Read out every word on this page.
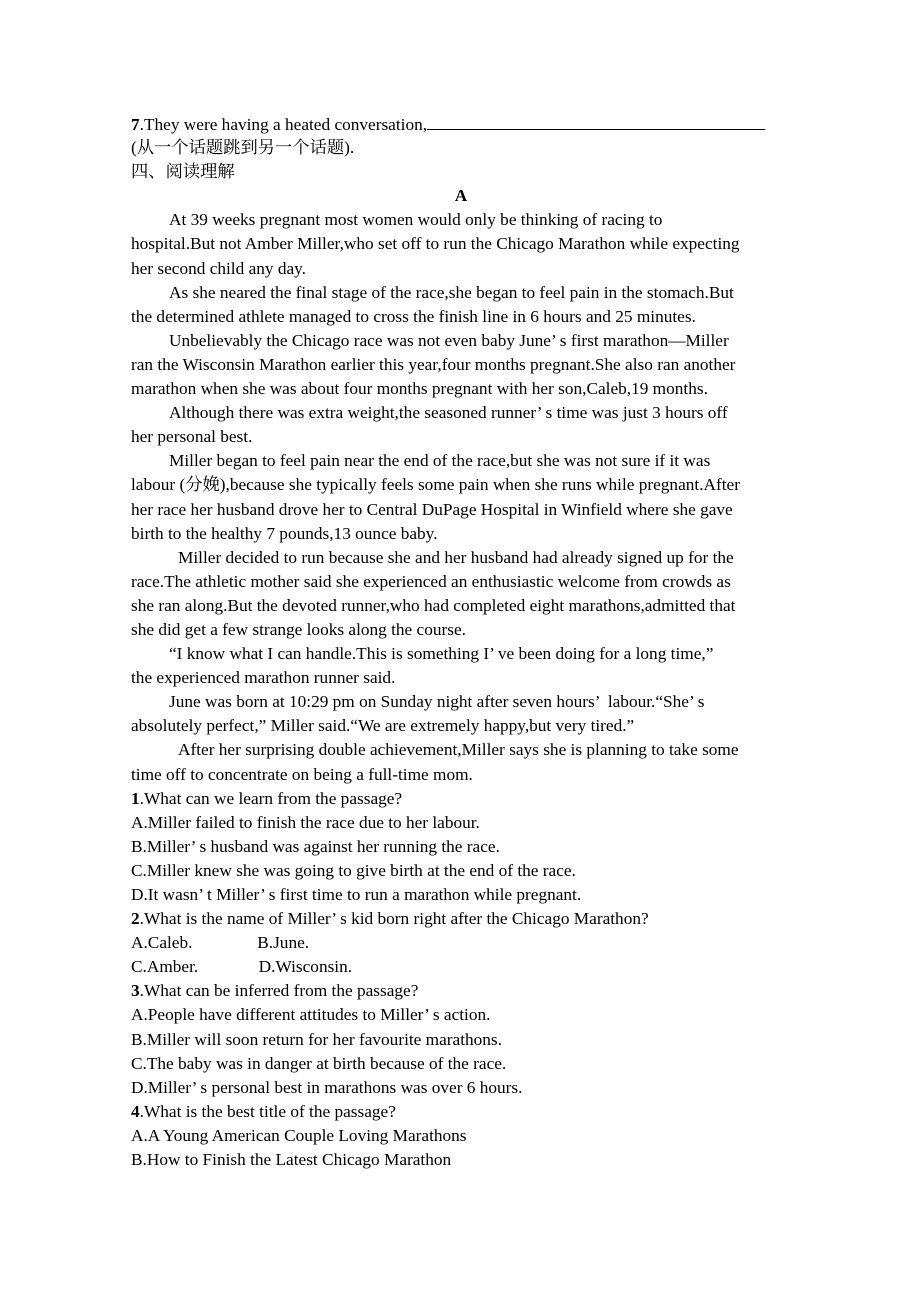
7.They were having a heated conversation,
(从一个话题跳到另一个话题).
四、阅读理解
A
At 39 weeks pregnant most women would only be thinking of racing to
hospital.But not Amber Miller,who set off to run the Chicago Marathon while expecting
her second child any day.
As she neared the final stage of the race,she began to feel pain in the stomach.But
the determined athlete managed to cross the finish line in 6 hours and 25 minutes.
Unbelievably the Chicago race was not even baby June’ s first marathon—Miller
ran the Wisconsin Marathon earlier this year,four months pregnant.She also ran another
marathon when she was about four months pregnant with her son,Caleb,19 months.
Although there was extra weight,the seasoned runner’ s time was just 3 hours off
her personal best.
Miller began to feel pain near the end of the race,but she was not sure if it was
labour (分娩),because she typically feels some pain when she runs while pregnant.After
her race her husband drove her to Central DuPage Hospital in Winfield where she gave
birth to the healthy 7 pounds,13 ounce baby.
Miller decided to run because she and her husband had already signed up for the
race.The athletic mother said she experienced an enthusiastic welcome from crowds as
she ran along.But the devoted runner,who had completed eight marathons,admitted that
she did get a few strange looks along the course.
“I know what I can handle.This is something I’ ve been doing for a long time,”
the experienced marathon runner said.
June was born at 10:29 pm on Sunday night after seven hours’  labour.“She’ s
absolutely perfect,” Miller said.“We are extremely happy,but very tired.”
After her surprising double achievement,Miller says she is planning to take some
time off to concentrate on being a full-time mom.
1.What can we learn from the passage?
A.Miller failed to finish the race due to her labour.
B.Miller’ s husband was against her running the race.
C.Miller knew she was going to give birth at the end of the race.
D.It wasn’ t Miller’ s first time to run a marathon while pregnant.
2.What is the name of Miller’ s kid born right after the Chicago Marathon?
A.Caleb.               B.June.
C.Amber.              D.Wisconsin.
3.What can be inferred from the passage?
A.People have different attitudes to Miller’ s action.
B.Miller will soon return for her favourite marathons.
C.The baby was in danger at birth because of the race.
D.Miller’ s personal best in marathons was over 6 hours.
4.What is the best title of the passage?
A.A Young American Couple Loving Marathons
B.How to Finish the Latest Chicago Marathon
